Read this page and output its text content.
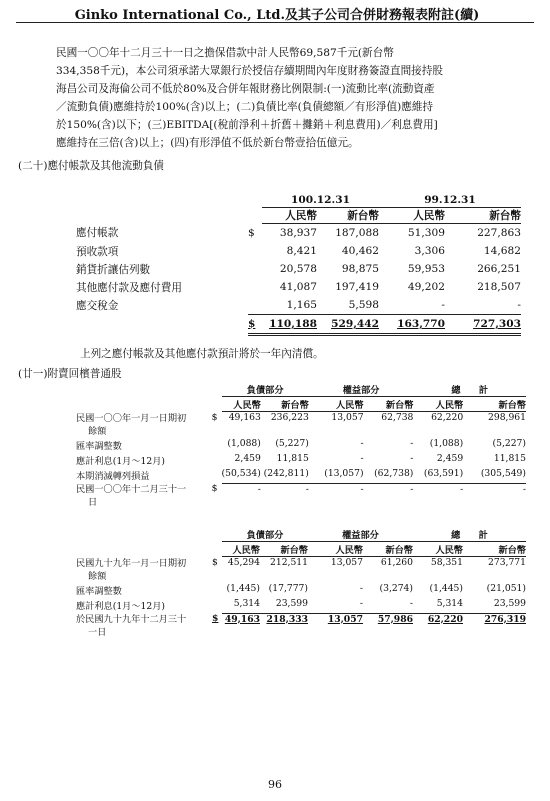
Ginko International Co., Ltd.及其子公司合併財務報表附註(續)
民國一〇〇年十二月三十一日之擔保借款中計人民幣69,587千元(新台幣
334,358千元)，本公司須承諾大眾銀行於授信存續期間內年度財務簽證直間接持股
海昌公司及海倫公司不低於80%及合併年報財務比例限制:(一)流動比率(流動資產
／流動負債)應維持於100%(含)以上；(二)負債比率(負債總額／有形淨值)應維持
於150%(含)以下；(三)EBITDA[(稅前淨利＋折舊＋攤銷＋利息費用)／利息費用]
應維持在三倍(含)以上；(四)有形淨值不低於新台幣壹拾伍億元。
(二十)應付帳款及其他流動負債
		100.12.31		99.12.31	
		人民幣	新台幣	人民幣	新台幣
應付帳款	$	38,937	187,088	51,309	227,863
預收款項		8,421	40,462	3,306	14,682
銷貨折讓估列數		20,578	98,875	59,953	266,251
其他應付款及應付費用		41,087	197,419	49,202	218,507
應交稅金		1,165	5,598	-	-
	$	110,188	529,442	163,770	727,303
上列之應付帳款及其他應付款預計將於一年內清償。
(廿一)附賣回檳普通股
		負債部分		權益部分		總　　計	
		人民幣	新台幣	人民幣	新台幣	人民幣	新台幣
民國一〇〇年一月一日期初
餘額	$	49,163	236,223	13,057	62,738	62,220	298,961
匯率調整數		(1,088)	(5,227)	-	-	(1,088)	(5,227)
應計利息(1月～12月)		2,459	11,815	-	-	2,459	11,815
本期消滅轉列損益		(50,534)	(242,811)	(13,057)	(62,738)	(63,591)	(305,549)
民國一〇〇年十二月三十一
日	$	-	-	-	-	-	-
		負債部分		權益部分		總　　計	
		人民幣	新台幣	人民幣	新台幣	人民幣	新台幣
民國九十九年一月一日期初
餘額	$	45,294	212,511	13,057	61,260	58,351	273,771
匯率調整數		(1,445)	(17,777)	-	(3,274)	(1,445)	(21,051)
應計利息(1月～12月)		5,314	23,599	-	-	5,314	23,599
於民國九十九年十二月三十
一日	$	49,163	218,333	13,057	57,986	62,220	276,319
96
